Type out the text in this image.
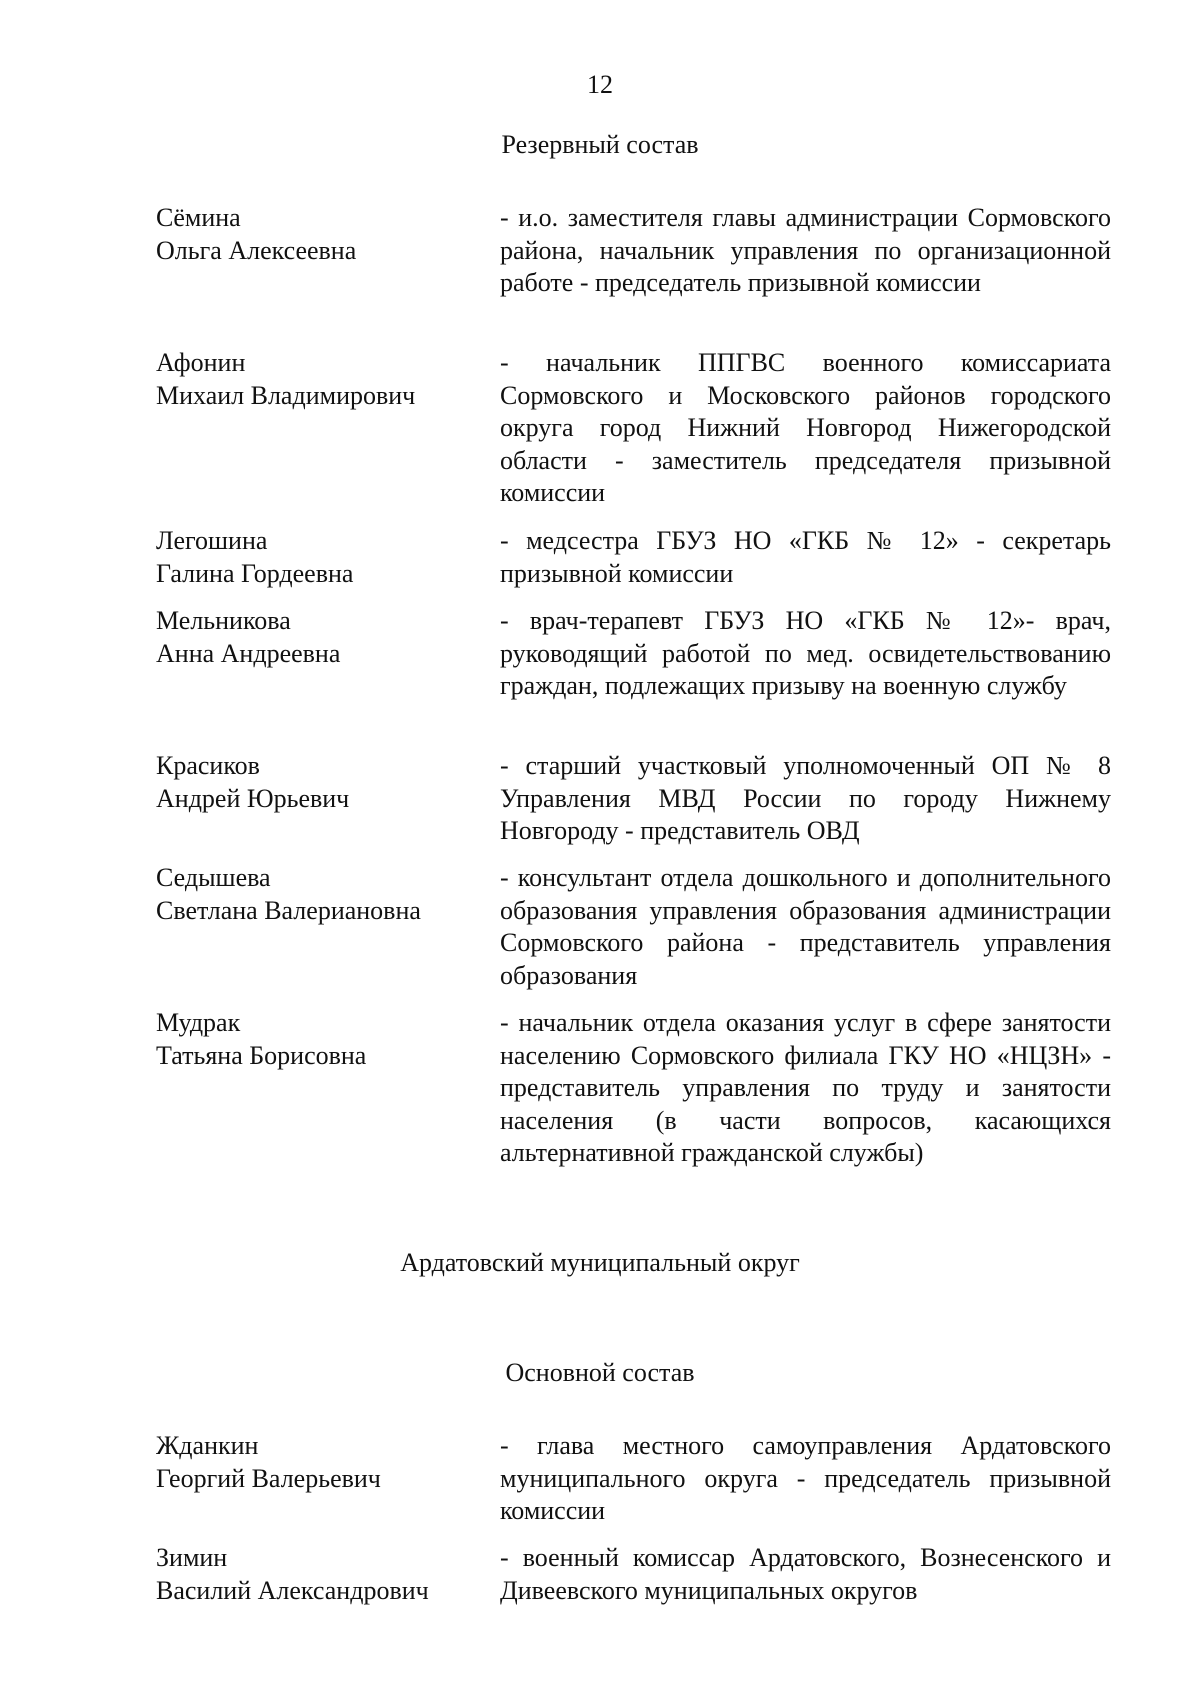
12
Резервный состав
Сёмина
Ольга Алексеевна
- и.о. заместителя главы администрации Сормовского района, начальник управления по организационной работе - председатель призывной комиссии
Афонин
Михаил Владимирович
- начальник ППГВС военного комиссариата Сормовского и Московского районов городского округа город Нижний Новгород Нижегородской области - заместитель председателя призывной комиссии
Легошина
Галина Гордеевна
- медсестра ГБУЗ НО «ГКБ № 12» - секретарь призывной комиссии
Мельникова
Анна Андреевна
- врач-терапевт ГБУЗ НО «ГКБ № 12»- врач, руководящий работой по мед. освидетельствованию граждан, подлежащих призыву на военную службу
Красиков
Андрей Юрьевич
- старший участковый уполномоченный ОП № 8 Управления МВД России по городу Нижнему Новгороду - представитель ОВД
Седышева
Светлана Валериановна
- консультант отдела дошкольного и дополнительного образования управления образования администрации Сормовского района - представитель управления образования
Мудрак
Татьяна Борисовна
- начальник отдела оказания услуг в сфере занятости населению Сормовского филиала ГКУ НО «НЦЗН» - представитель управления по труду и занятости населения (в части вопросов, касающихся альтернативной гражданской службы)
Ардатовский муниципальный округ
Основной состав
Жданкин
Георгий Валерьевич
- глава местного самоуправления Ардатовского муниципального округа - председатель призывной комиссии
Зимин
Василий Александрович
- военный комиссар Ардатовского, Вознесенского и Дивеевского муниципальных округов
